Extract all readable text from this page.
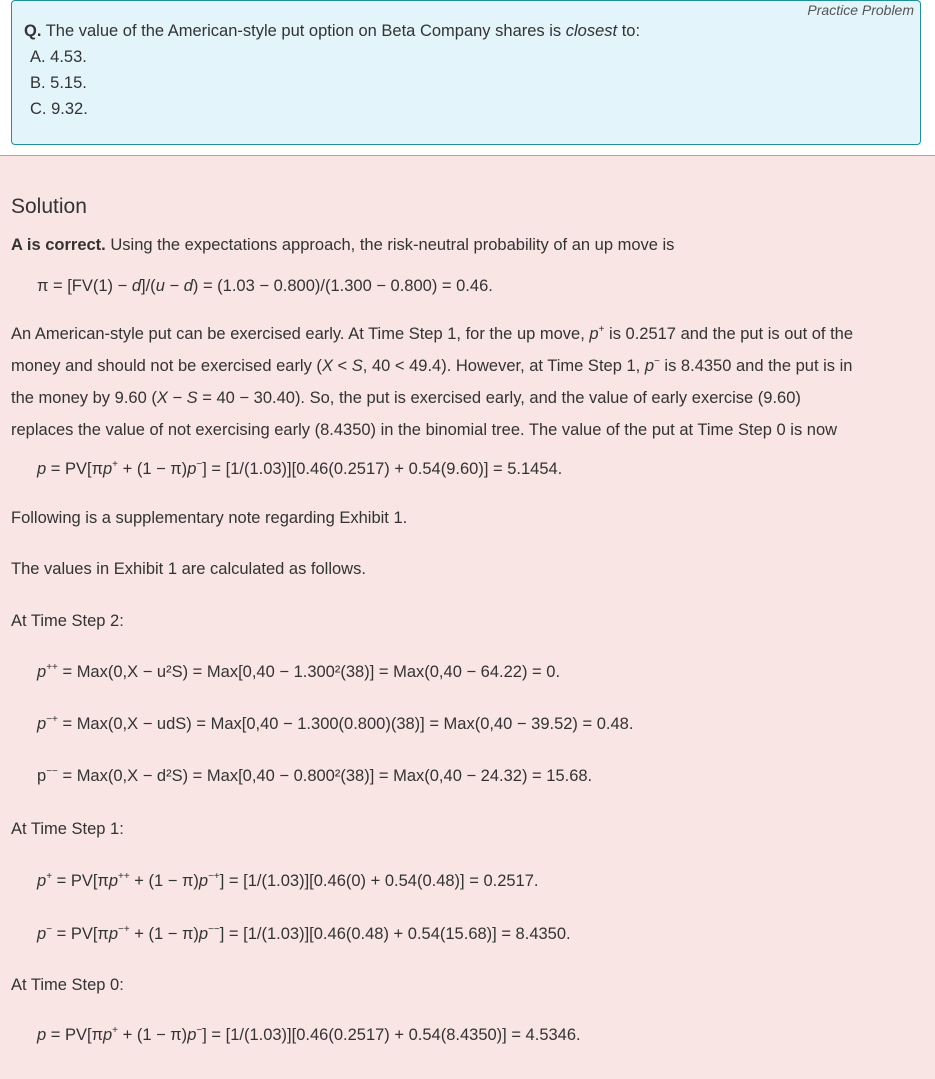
Practice Problem
Q. The value of the American-style put option on Beta Company shares is closest to:
A. 4.53.
B. 5.15.
C. 9.32.
Solution
A is correct. Using the expectations approach, the risk-neutral probability of an up move is
π = [FV(1) − d]/(u − d) = (1.03 − 0.800)/(1.300 − 0.800) = 0.46.
An American-style put can be exercised early. At Time Step 1, for the up move, p+ is 0.2517 and the put is out of the
money and should not be exercised early (X < S, 40 < 49.4). However, at Time Step 1, p− is 8.4350 and the put is in
the money by 9.60 (X − S = 40 − 30.40). So, the put is exercised early, and the value of early exercise (9.60)
replaces the value of not exercising early (8.4350) in the binomial tree. The value of the put at Time Step 0 is now
p = PV[πp+ + (1 − π)p−] = [1/(1.03)][0.46(0.2517) + 0.54(9.60)] = 5.1454.
Following is a supplementary note regarding Exhibit 1.
The values in Exhibit 1 are calculated as follows.
At Time Step 2:
p++ = Max(0,X − u²S) = Max[0,40 − 1.300²(38)] = Max(0,40 − 64.22) = 0.
p−+ = Max(0,X − udS) = Max[0,40 − 1.300(0.800)(38)] = Max(0,40 − 39.52) = 0.48.
p−− = Max(0,X − d²S) = Max[0,40 − 0.800²(38)] = Max(0,40 − 24.32) = 15.68.
At Time Step 1:
p+ = PV[πp++ + (1 − π)p−+] = [1/(1.03)][0.46(0) + 0.54(0.48)] = 0.2517.
p− = PV[πp−+ + (1 − π)p−−] = [1/(1.03)][0.46(0.48) + 0.54(15.68)] = 8.4350.
At Time Step 0:
p = PV[πp+ + (1 − π)p−] = [1/(1.03)][0.46(0.2517) + 0.54(8.4350)] = 4.5346.
